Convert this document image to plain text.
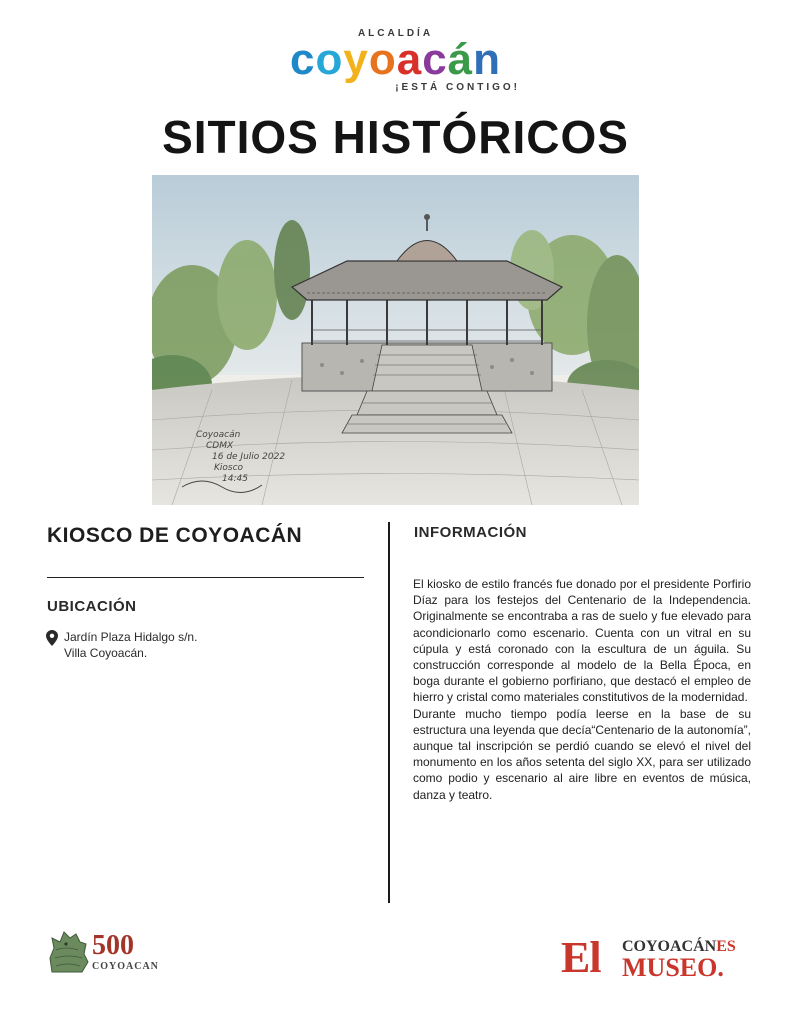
ALCALDÍA
coyoacán
¡ESTÁ CONTIGO!
SITIOS HISTÓRICOS
Coyoacán
CDMX
16 de Julio 2022
Kiosco
14:45
KIOSCO DE COYOACÁN
UBICACIÓN
Jardín Plaza Hidalgo s/n.
Villa Coyoacán.
INFORMACIÓN

El kiosko de estilo francés fue donado por el presidente Porfirio Díaz para los festejos del Centenario de la Independencia. Originalmente se encontraba a ras de suelo y fue elevado para acondicionarlo como escenario. Cuenta con un vitral en su cúpula y está coronado con la escultura de un águila. Su construcción corresponde al modelo de la Bella Época, en boga durante el gobierno porfiriano, que destacó el empleo de hierro y cristal como materiales constitutivos de la modernidad.

Durante mucho tiempo podía leerse en la base de su estructura una leyenda que decía“Centenario de la autonomía”, aunque tal inscripción se perdió cuando se elevó el nivel del monumento en los años setenta del siglo XX, para ser utilizado como podio y escenario al aire libre en eventos de música, danza y teatro.

500
COYOACAN	El COYOACÁNES
MUSEO.
